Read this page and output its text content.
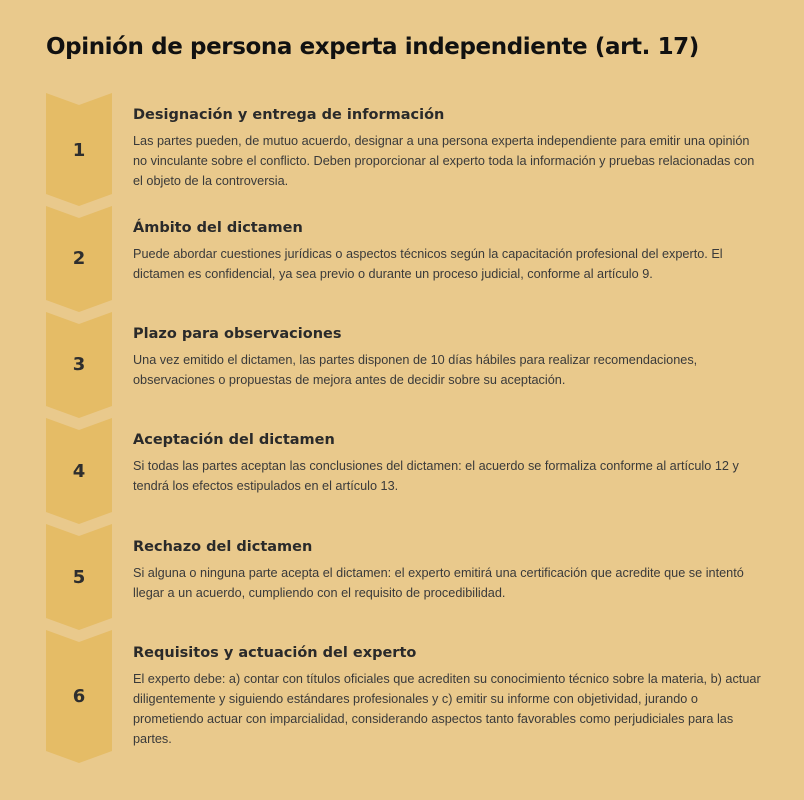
Opinión de persona experta independiente (art. 17)
1
Designación y entrega de información

Las partes pueden, de mutuo acuerdo, designar a una persona experta independiente para emitir una opinión no vinculante sobre el conflicto. Deben proporcionar al experto toda la información y pruebas relacionadas con el objeto de la controversia.

2
Ámbito del dictamen

Puede abordar cuestiones jurídicas o aspectos técnicos según la capacitación profesional del experto. El dictamen es confidencial, ya sea previo o durante un proceso judicial, conforme al artículo 9.

3
Plazo para observaciones

Una vez emitido el dictamen, las partes disponen de 10 días hábiles para realizar recomendaciones, observaciones o propuestas de mejora antes de decidir sobre su aceptación.

4
Aceptación del dictamen

Si todas las partes aceptan las conclusiones del dictamen: el acuerdo se formaliza conforme al artículo 12 y tendrá los efectos estipulados en el artículo 13.

5
Rechazo del dictamen

Si alguna o ninguna parte acepta el dictamen: el experto emitirá una certificación que acredite que se intentó llegar a un acuerdo, cumpliendo con el requisito de procedibilidad.

6
Requisitos y actuación del experto

El experto debe: a) contar con títulos oficiales que acrediten su conocimiento técnico sobre la materia, b) actuar diligentemente y siguiendo estándares profesionales y c) emitir su informe con objetividad, jurando o prometiendo actuar con imparcialidad, considerando aspectos tanto favorables como perjudiciales para las partes.
